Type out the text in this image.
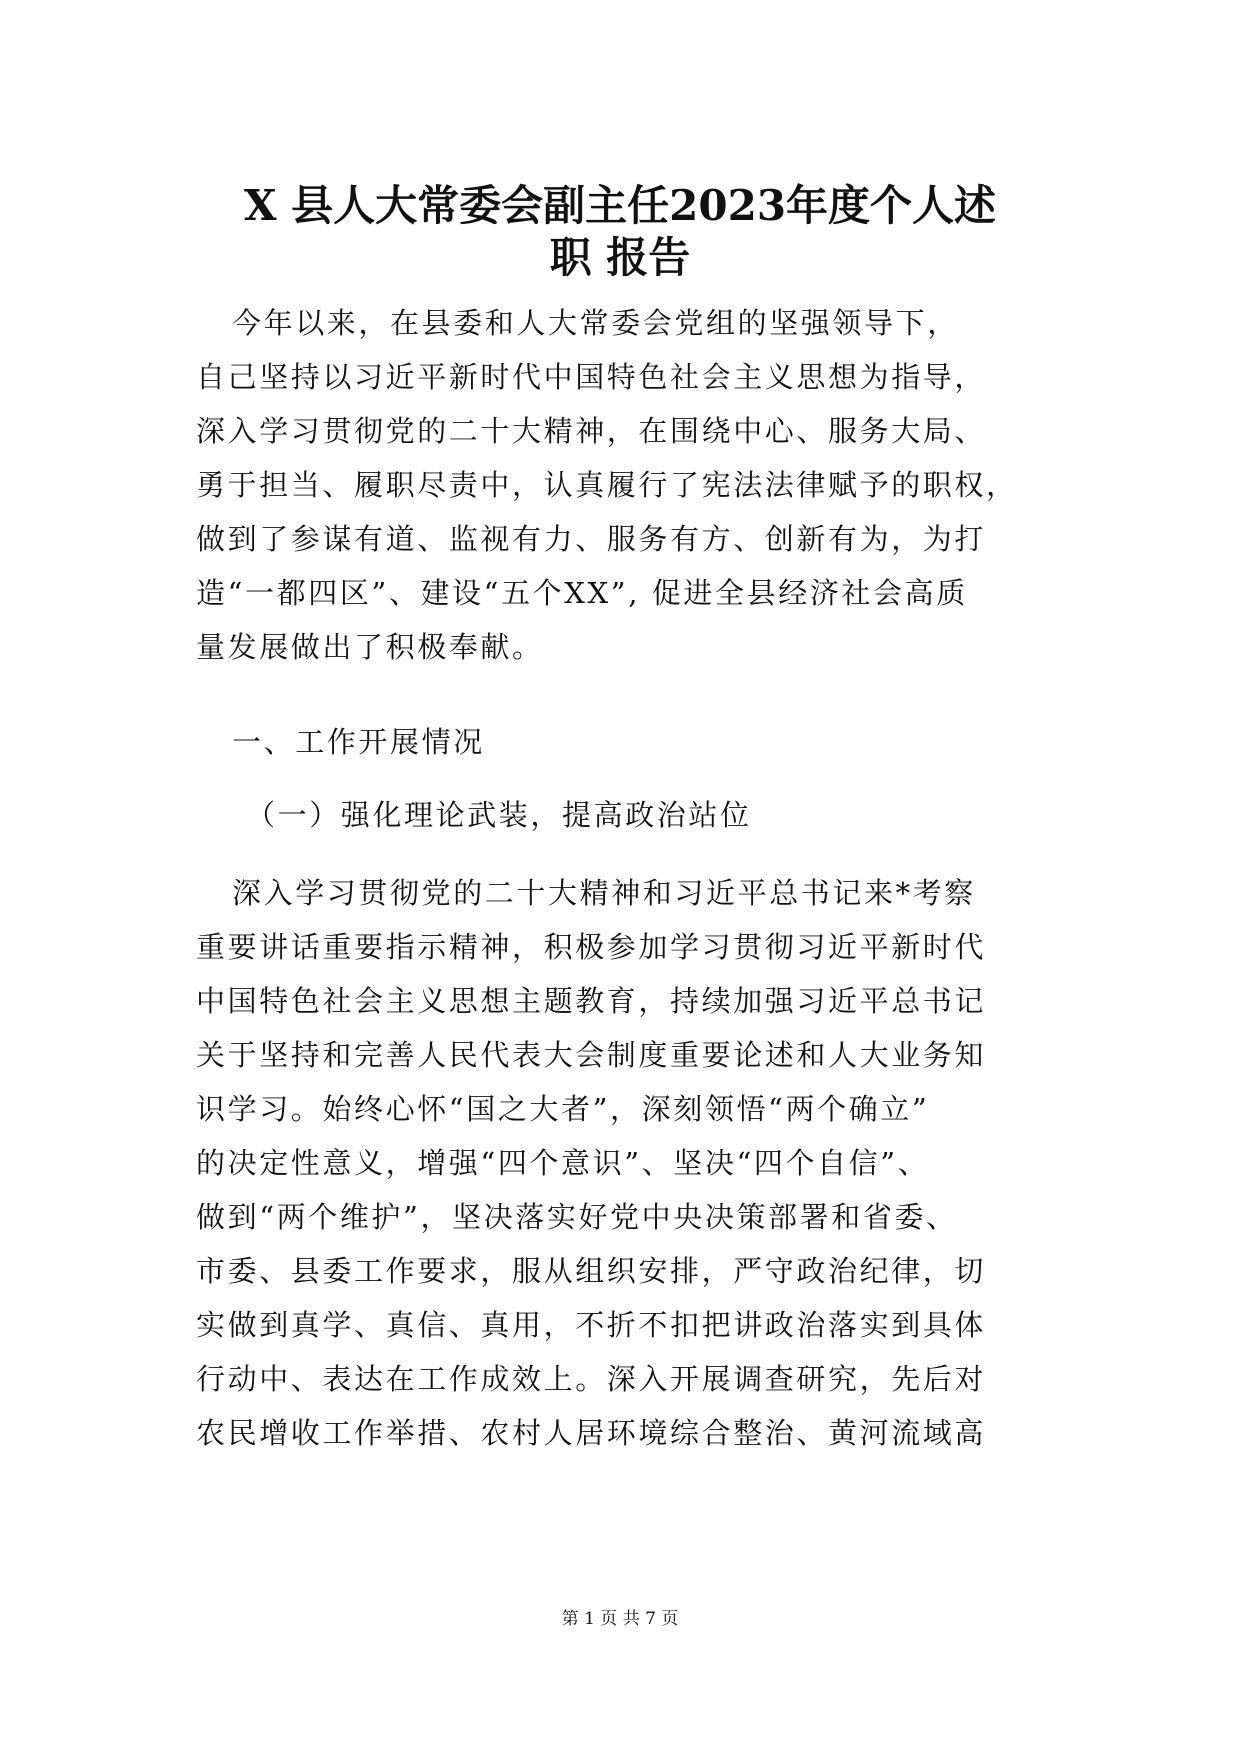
X 县人大常委会副主任2023年度个人述
职 报告

今年以来，在县委和人大常委会党组的坚强领导下，

自己坚持以习近平新时代中国特色社会主义思想为指导，

深入学习贯彻党的二十大精神，在围绕中心、服务大局、

勇于担当、履职尽责中，认真履行了宪法法律赋予的职权，

做到了参谋有道、监视有力、服务有方、创新有为，为打

造“一都四区”、建设“五个XX”, 促进全县经济社会高质

量发展做出了积极奉献。

一、工作开展情况

（一）强化理论武装，提高政治站位

深入学习贯彻党的二十大精神和习近平总书记来*考察

重要讲话重要指示精神，积极参加学习贯彻习近平新时代

中国特色社会主义思想主题教育，持续加强习近平总书记

关于坚持和完善人民代表大会制度重要论述和人大业务知

识学习。始终心怀“国之大者”，深刻领悟“两个确立”

的决定性意义，增强“四个意识”、坚决“四个自信”、

做到“两个维护”，坚决落实好党中央决策部署和省委、

市委、县委工作要求，服从组织安排，严守政治纪律，切

实做到真学、真信、真用，不折不扣把讲政治落实到具体

行动中、表达在工作成效上。深入开展调查研究，先后对

农民增收工作举措、农村人居环境综合整治、黄河流域高

第 1 页 共 7 页
